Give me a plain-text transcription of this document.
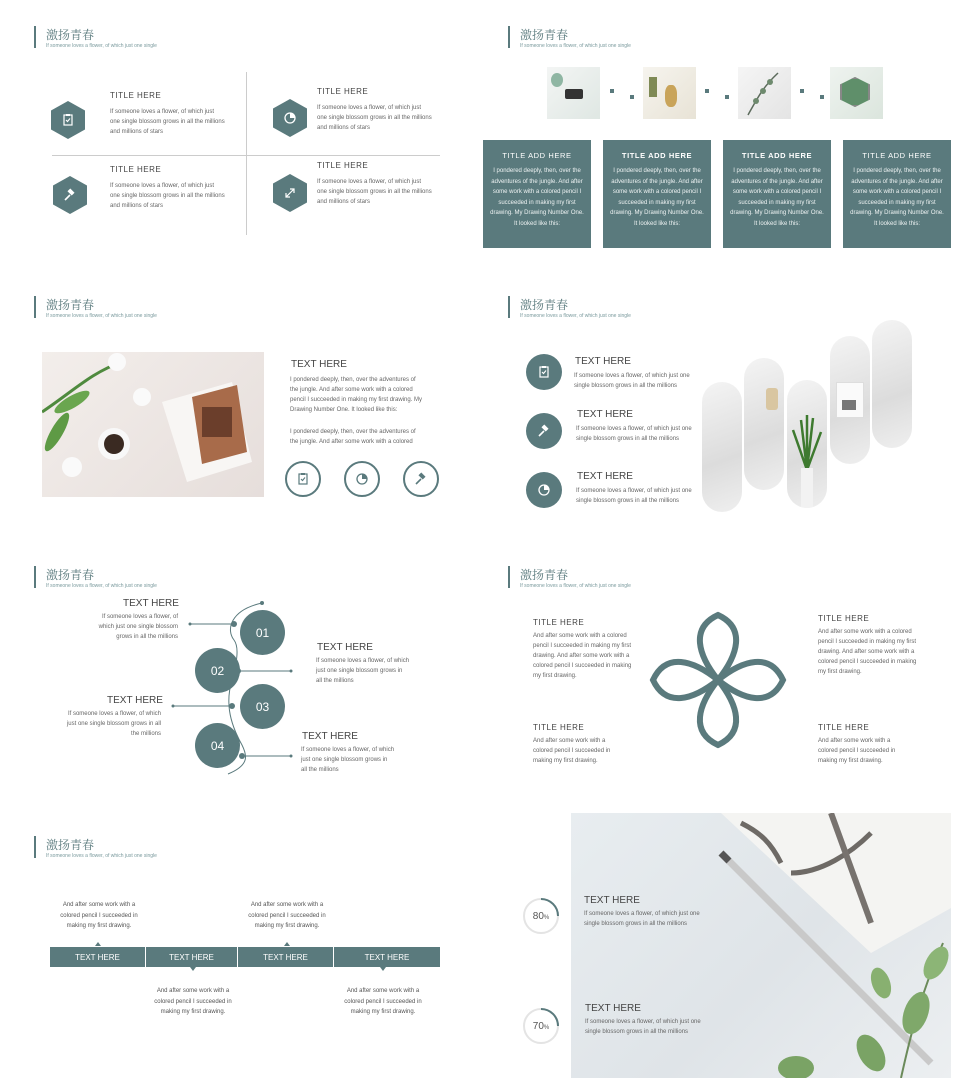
激扬青春
If someone loves a flower, of which just one single
TITLE HERE
If someone loves a flower, of which just one single blossom grows in all the millions and millions of stars
TITLE HERE
If someone loves a flower, of which just one single blossom grows in all the millions and millions of stars
TITLE HERE
If someone loves a flower, of which just one single blossom grows in all the millions and millions of stars
TITLE HERE
If someone loves a flower, of which just one single blossom grows in all the millions and millions of stars
激扬青春
If someone loves a flower, of which just one single
TITLE ADD HERE
I pondered deeply, then, over the adventures of the jungle. And after some work with a colored pencil I succeeded in making my first drawing. My Drawing Number One. It looked like this:
TITLE ADD HERE
I pondered deeply, then, over the adventures of the jungle. And after some work with a colored pencil I succeeded in making my first drawing. My Drawing Number One. It looked like this:
TITLE ADD HERE
I pondered deeply, then, over the adventures of the jungle. And after some work with a colored pencil I succeeded in making my first drawing. My Drawing Number One. It looked like this:
TITLE ADD HERE
I pondered deeply, then, over the adventures of the jungle. And after some work with a colored pencil I succeeded in making my first drawing. My Drawing Number One. It looked like this:
激扬青春
If someone loves a flower, of which just one single
TEXT HERE
I pondered deeply, then, over the adventures of the jungle. And after some work with a colored pencil I succeeded in making my first drawing. My Drawing Number One. It looked like this:
I pondered deeply, then, over the adventures of the jungle. And after some work with a colored
激扬青春
If someone loves a flower, of which just one single
TEXT HERE
If someone loves a flower, of which just one single blossom grows in all the millions
TEXT HERE
If someone loves a flower, of which just one single blossom grows in all the millions
TEXT HERE
If someone loves a flower, of which just one single blossom grows in all the millions
激扬青春
If someone loves a flower, of which just one single
01
02
03
04
TEXT HERE
If someone loves a flower, of which just one single blossom grows in all the millions
TEXT HERE
If someone loves a flower, of which just one single blossom grows in all the millions
TEXT HERE
If someone loves a flower, of which just one single blossom grows in all the millions	TEXT HERE
If someone loves a flower, of which just one single blossom grows in all the millions
激扬青春
If someone loves a flower, of which just one single
TITLE HERE
And after some work with a colored pencil I succeeded in making my first drawing. And after some work with a colored pencil I succeeded in making my first drawing.
TITLE HERE
And after some work with a colored pencil I succeeded in making my first drawing. And after some work with a colored pencil I succeeded in making my first drawing.
TITLE HERE
And after some work with a colored pencil I succeeded in making my first drawing.
TITLE HERE
And after some work with a colored pencil I succeeded in making my first drawing.
激扬青春
If someone loves a flower, of which just one single
And after some work with a colored pencil I succeeded in making my first drawing.
And after some work with a colored pencil I succeeded in making my first drawing.
And after some work with a colored pencil I succeeded in making my first drawing.
And after some work with a colored pencil I succeeded in making my first drawing.
TEXT HERE	TEXT HERE	TEXT HERE	TEXT HERE
80 %
70 %
TEXT HERE
If someone loves a flower, of which just one single blossom grows in all the millions
TEXT HERE
If someone loves a flower, of which just one single blossom grows in all the millions
